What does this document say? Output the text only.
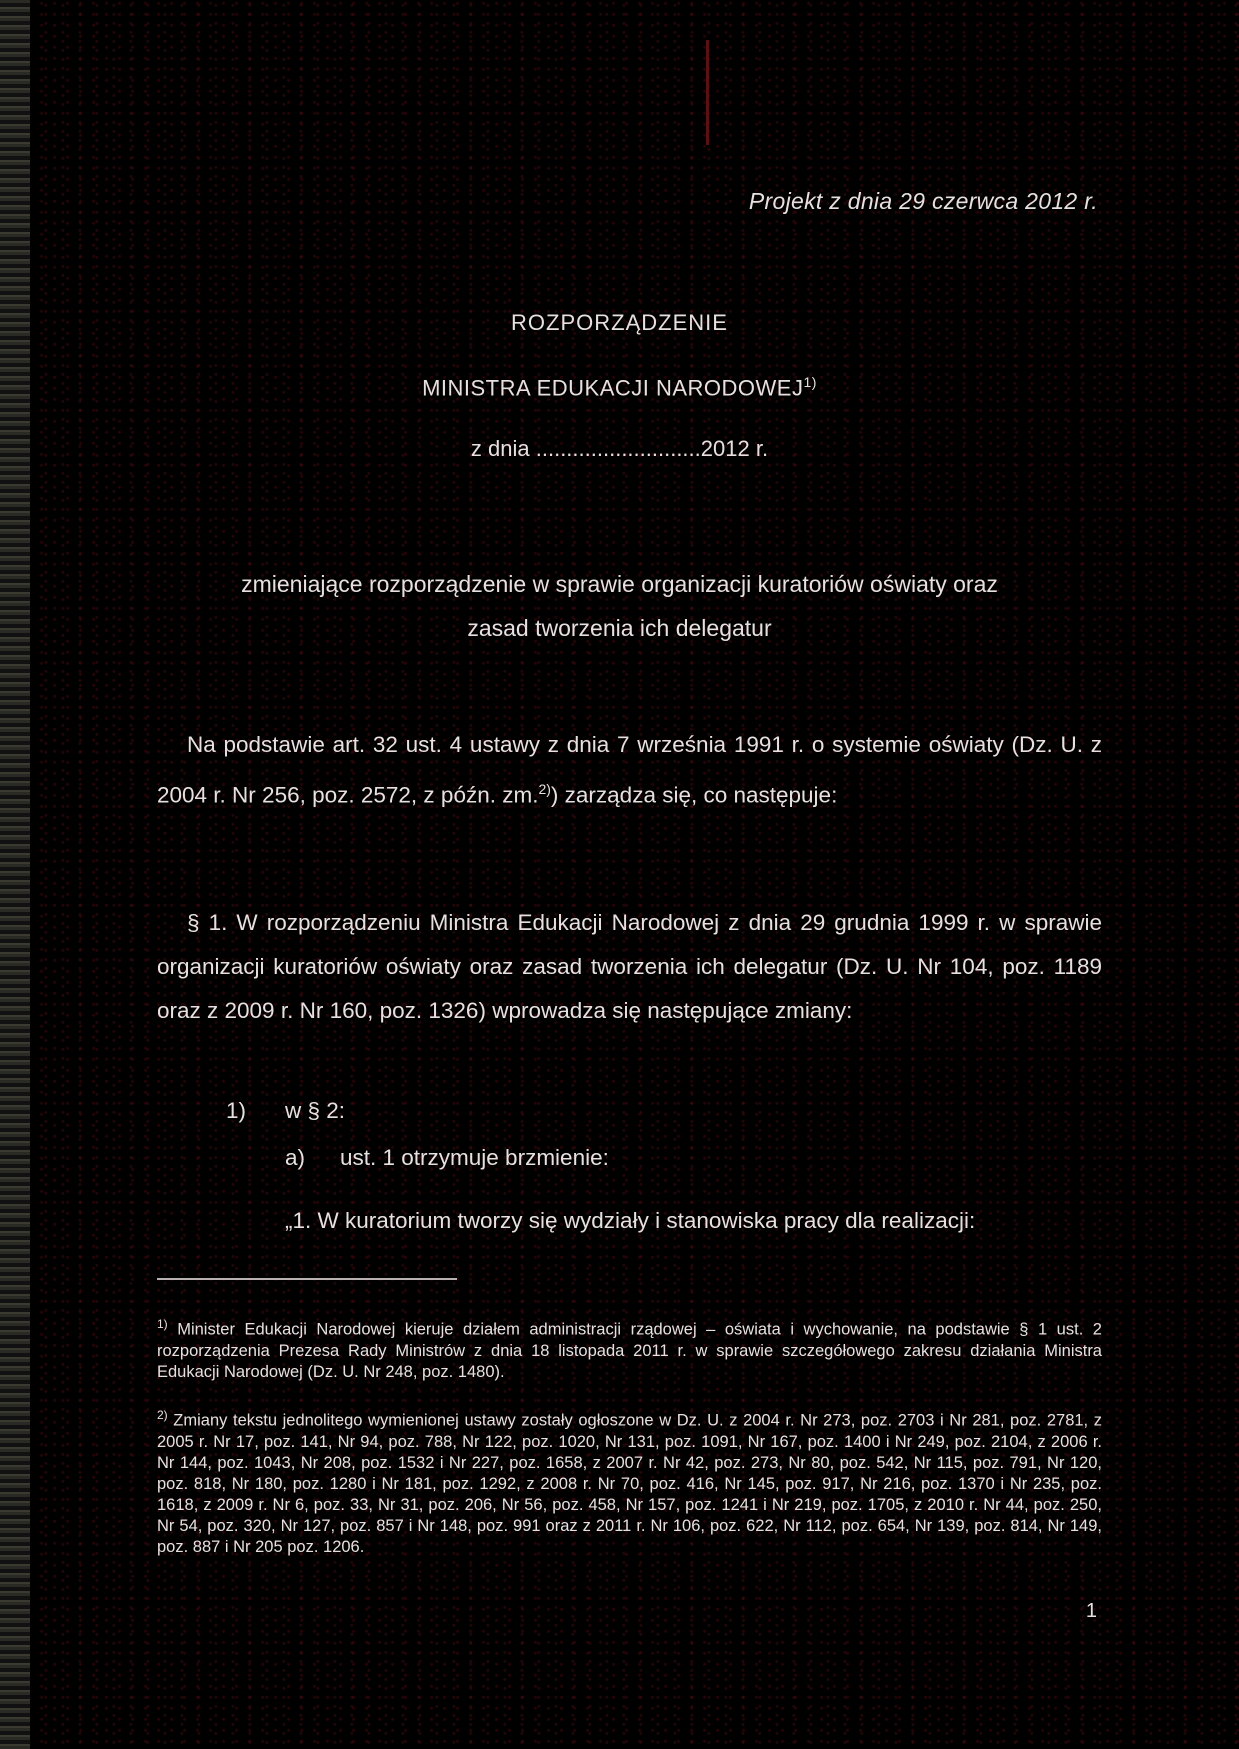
Projekt z dnia 29 czerwca 2012 r.
ROZPORZĄDZENIE
MINISTRA EDUKACJI NARODOWEJ$^{1)}$
z dnia ...........................2012 r.
zmieniające rozporządzenie w sprawie organizacji kuratoriów oświaty oraz
zasad tworzenia ich delegatur
Na podstawie art. 32 ust. 4 ustawy z dnia 7 września 1991 r. o systemie oświaty (Dz. U. z 2004 r. Nr 256, poz. 2572, z późn. zm.$^{2)}$) zarządza się, co następuje:
§ 1. W rozporządzeniu Ministra Edukacji Narodowej z dnia 29 grudnia 1999 r. w sprawie organizacji kuratoriów oświaty oraz zasad tworzenia ich delegatur (Dz. U. Nr 104, poz. 1189 oraz z 2009 r. Nr 160, poz. 1326) wprowadza się następujące zmiany:
1) w § 2:
a) ust. 1 otrzymuje brzmienie:
„1. W kuratorium tworzy się wydziały i stanowiska pracy dla realizacji:
$^{1)}$ Minister Edukacji Narodowej kieruje działem administracji rządowej – oświata i wychowanie, na podstawie § 1 ust. 2 rozporządzenia Prezesa Rady Ministrów z dnia 18 listopada 2011 r. w sprawie szczegółowego zakresu działania Ministra Edukacji Narodowej (Dz. U. Nr 248, poz. 1480).
$^{2)}$ Zmiany tekstu jednolitego wymienionej ustawy zostały ogłoszone w Dz. U. z 2004 r. Nr 273, poz. 2703 i Nr 281, poz. 2781, z 2005 r. Nr 17, poz. 141, Nr 94, poz. 788, Nr 122, poz. 1020, Nr 131, poz. 1091, Nr 167, poz. 1400 i Nr 249, poz. 2104, z 2006 r. Nr 144, poz. 1043, Nr 208, poz. 1532 i Nr 227, poz. 1658, z 2007 r. Nr 42, poz. 273, Nr 80, poz. 542, Nr 115, poz. 791, Nr 120, poz. 818, Nr 180, poz. 1280 i Nr 181, poz. 1292, z 2008 r. Nr 70, poz. 416, Nr 145, poz. 917, Nr 216, poz. 1370 i Nr 235, poz. 1618, z 2009 r. Nr 6, poz. 33, Nr 31, poz. 206, Nr 56, poz. 458, Nr 157, poz. 1241 i Nr 219, poz. 1705, z 2010 r. Nr 44, poz. 250, Nr 54, poz. 320, Nr 127, poz. 857 i Nr 148, poz. 991 oraz z 2011 r. Nr 106, poz. 622, Nr 112, poz. 654, Nr 139, poz. 814, Nr 149, poz. 887 i Nr 205 poz. 1206.
1
